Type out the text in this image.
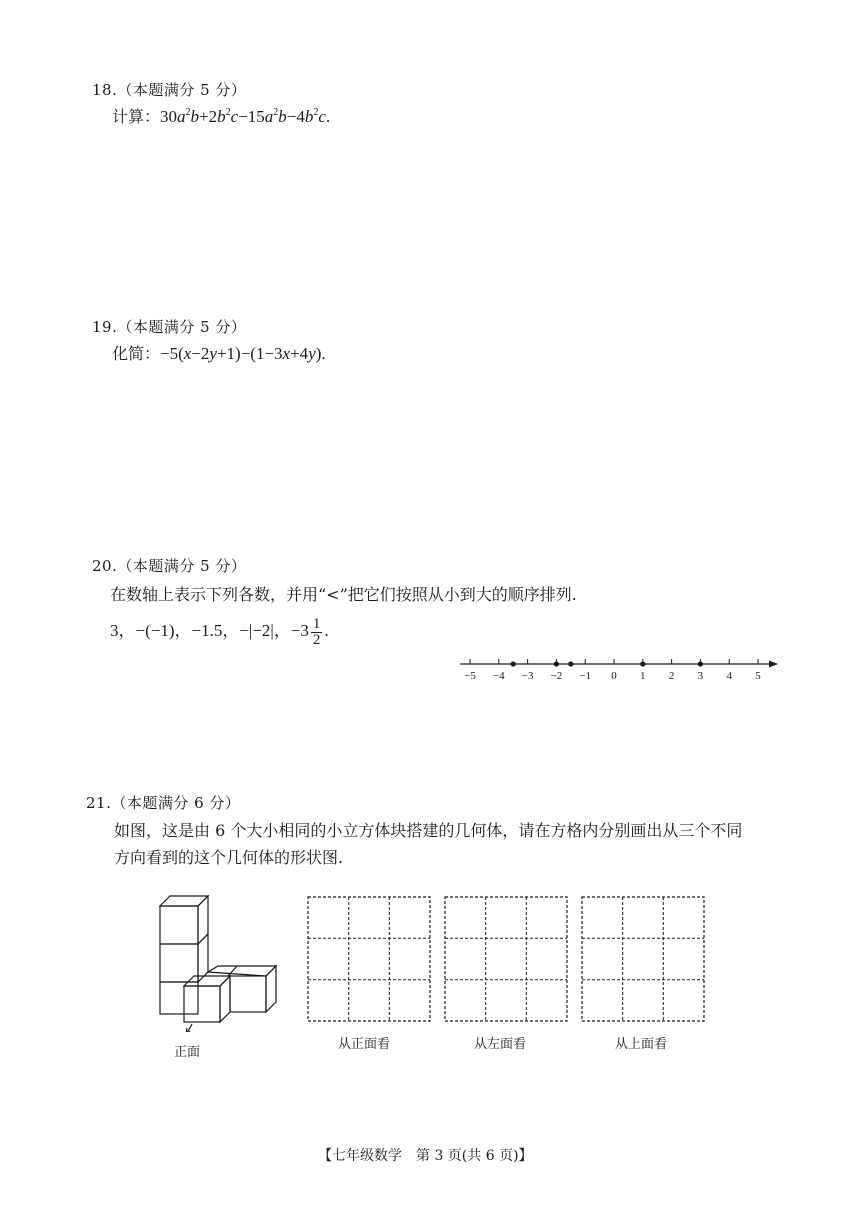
18.（本题满分 5 分）
计算：$30a^2b+2b^2c-15a^2b-4b^2c$.
19.（本题满分 5 分）
化简：−5(x−2y+1)−(1−3x+4y).
20.（本题满分 5 分）
在数轴上表示下列各数，并用“<”把它们按照从小到大的顺序排列.
3，−(−1)，−1.5，−|−2|，$-3 \frac{1}{2}$ .
−5 −4 −3 −2 −1 0 1 2 3 4 5
21.（本题满分 6 分）
如图，这是由 6 个大小相同的小立方体块搭建的几何体，请在方格内分别画出从三个不同
方向看到的这个几何体的形状图.
正面
从正面看	从左面看	从上面看
【七年级数学　第 3 页(共 6 页)】
